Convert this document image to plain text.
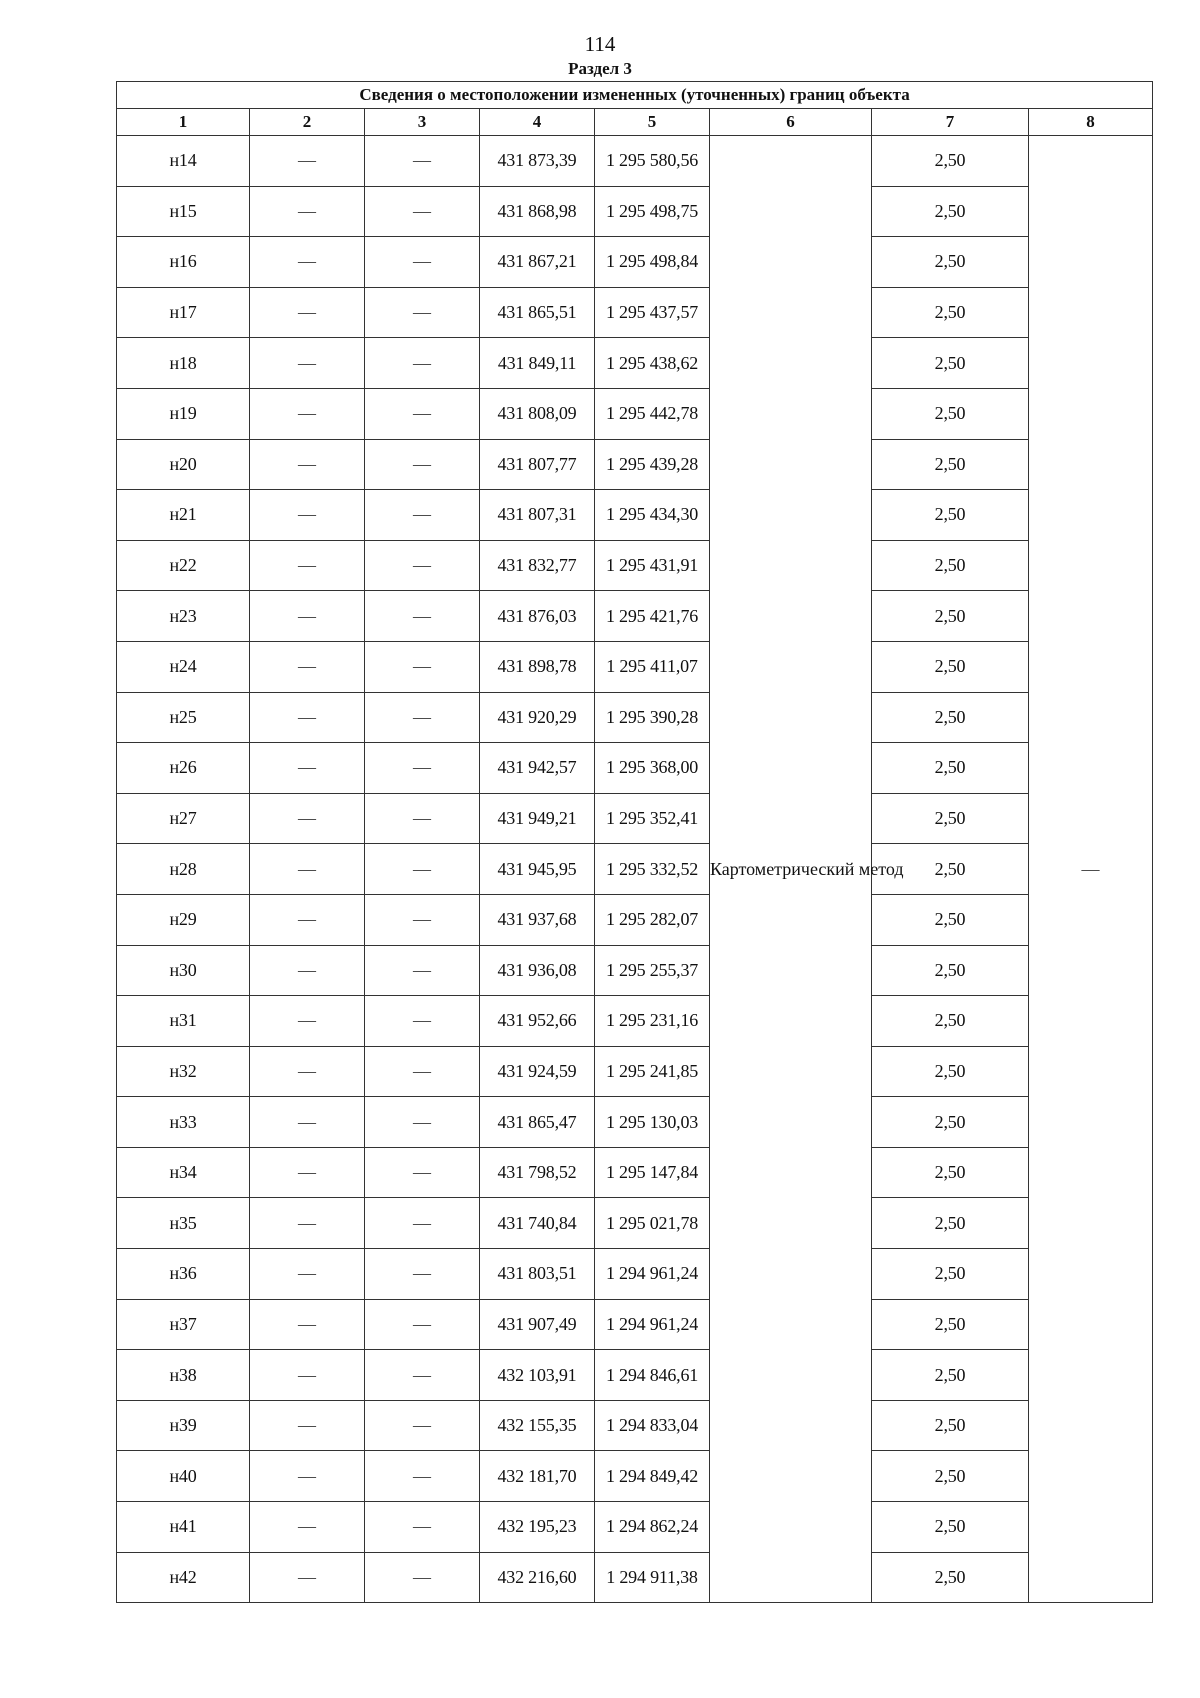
114
Раздел 3
Сведения о местоположении измененных (уточненных) границ объекта							
1	2	3	4	5	6	7	8
н14	—	—	431 873,39	1 295 580,56	Картометрический метод	2,50	—
н15	—	—	431 868,98	1 295 498,75		2,50	
н16	—	—	431 867,21	1 295 498,84		2,50	
н17	—	—	431 865,51	1 295 437,57		2,50	
н18	—	—	431 849,11	1 295 438,62		2,50	
н19	—	—	431 808,09	1 295 442,78		2,50	
н20	—	—	431 807,77	1 295 439,28		2,50	
н21	—	—	431 807,31	1 295 434,30		2,50	
н22	—	—	431 832,77	1 295 431,91		2,50	
н23	—	—	431 876,03	1 295 421,76		2,50	
н24	—	—	431 898,78	1 295 411,07		2,50	
н25	—	—	431 920,29	1 295 390,28		2,50	
н26	—	—	431 942,57	1 295 368,00		2,50	
н27	—	—	431 949,21	1 295 352,41		2,50	
н28	—	—	431 945,95	1 295 332,52		2,50	
н29	—	—	431 937,68	1 295 282,07		2,50	
н30	—	—	431 936,08	1 295 255,37		2,50	
н31	—	—	431 952,66	1 295 231,16		2,50	
н32	—	—	431 924,59	1 295 241,85		2,50	
н33	—	—	431 865,47	1 295 130,03		2,50	
н34	—	—	431 798,52	1 295 147,84		2,50	
н35	—	—	431 740,84	1 295 021,78		2,50	
н36	—	—	431 803,51	1 294 961,24		2,50	
н37	—	—	431 907,49	1 294 961,24		2,50	
н38	—	—	432 103,91	1 294 846,61		2,50	
н39	—	—	432 155,35	1 294 833,04		2,50	
н40	—	—	432 181,70	1 294 849,42		2,50	
н41	—	—	432 195,23	1 294 862,24		2,50	
н42	—	—	432 216,60	1 294 911,38		2,50	
